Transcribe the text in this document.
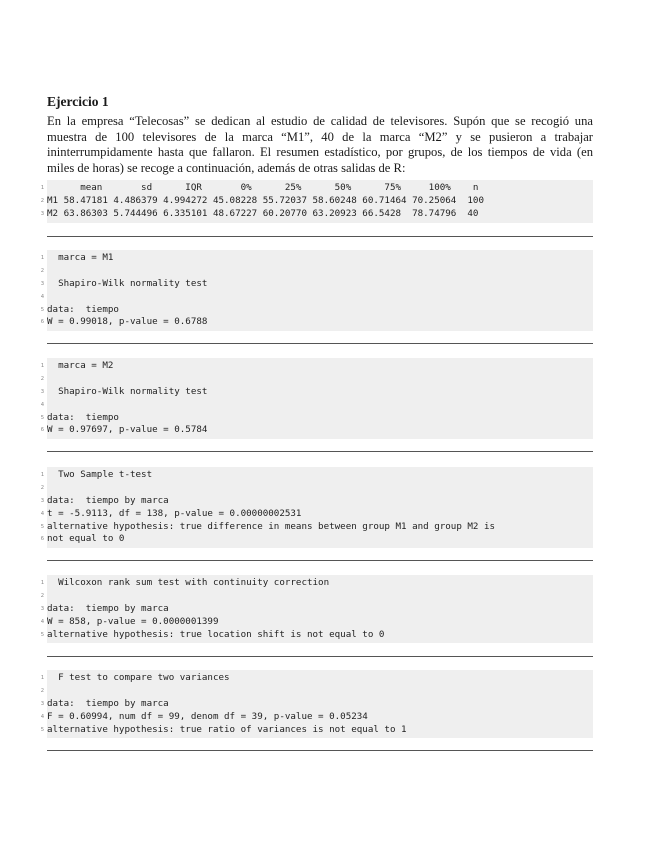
Ejercicio 1

En la empresa “Telecosas” se dedican al estudio de calidad de televisores. Supón que se recogió una muestra de 100 televisores de la marca “M1”, 40 de la marca “M2” y se pusieron a trabajar ininterrumpidamente hasta que fallaron. El resumen estadístico, por grupos, de los tiempos de vida (en miles de horas) se recoge a continuación, además de otras salidas de R:

1 mean       sd      IQR       0%      25%      50%      75%     100%    n
2 M1 58.47181 4.486379 4.994272 45.08228 55.72037 58.60248 60.71464 70.25064  100
3 M2 63.86303 5.744496 6.335101 48.67227 60.20770 63.20923 66.5428  78.74796  40
1 marca = M1
2
3 Shapiro-Wilk normality test
4
5 data:  tiempo
6 W = 0.99018, p-value = 0.6788
1 marca = M2
2
3 Shapiro-Wilk normality test
4
5 data:  tiempo
6 W = 0.97697, p-value = 0.5784
1 Two Sample t-test
2
3 data:  tiempo by marca
4 t = -5.9113, df = 138, p-value = 0.00000002531
5 alternative hypothesis: true difference in means between group M1 and group M2 is
6 not equal to 0
1 Wilcoxon rank sum test with continuity correction
2
3 data:  tiempo by marca
4 W = 858, p-value = 0.0000001399
5 alternative hypothesis: true location shift is not equal to 0
1 F test to compare two variances
2
3 data:  tiempo by marca
4 F = 0.60994, num df = 99, denom df = 39, p-value = 0.05234
5 alternative hypothesis: true ratio of variances is not equal to 1
